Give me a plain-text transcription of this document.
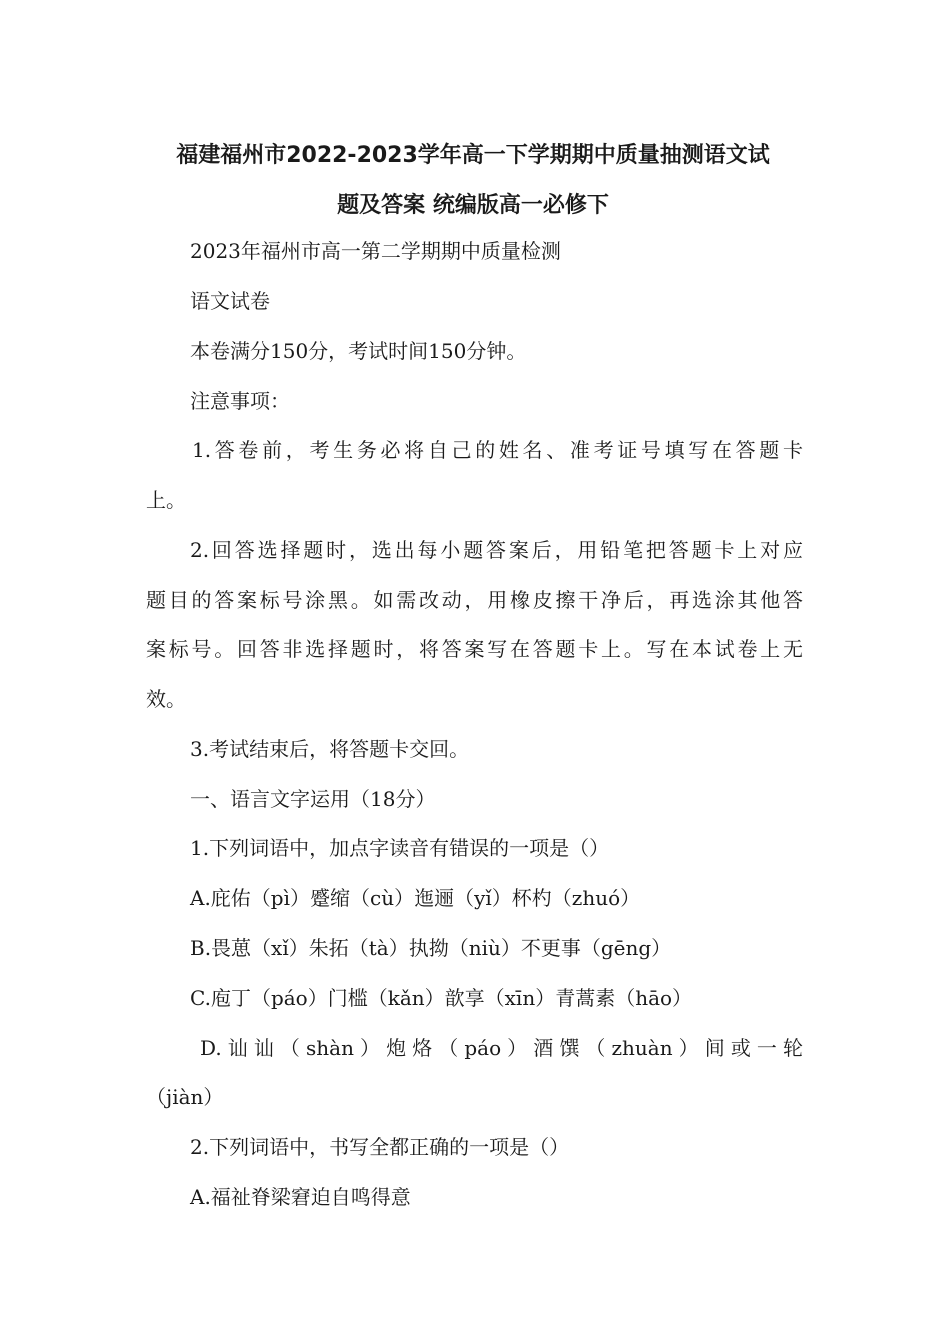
福建福州市2022-2023学年高一下学期期中质量抽测语文试
题及答案 统编版高一必修下
2023年福州市高一第二学期期中质量检测
语文试卷
本卷满分150分，考试时间150分钟。
注意事项：
1.答卷前，考生务必将自己的姓名、准考证号填写在答题卡
上。
2.回答选择题时，选出每小题答案后，用铅笔把答题卡上对应
题目的答案标号涂黑。如需改动，用橡皮擦干净后，再选涂其他答
案标号。回答非选择题时，将答案写在答题卡上。写在本试卷上无
效。
3.考试结束后，将答题卡交回。
一、语言文字运用（18分）
1.下列词语中，加点字读音有错误的一项是（）
A.庇佑（pì）蹙缩（cù）迤逦（yǐ）杯杓（zhuó）
B.畏葸（xǐ）朱拓（tà）执拗（niù）不更事（gēng）
C.庖丁（páo）门槛（kǎn）歆享（xīn）青蒿素（hāo）
D.讪讪（shàn）炮烙（páo）酒馔（zhuàn）间或一轮
（jiàn）
2.下列词语中，书写全都正确的一项是（）
A.福祉脊梁窘迫自鸣得意
